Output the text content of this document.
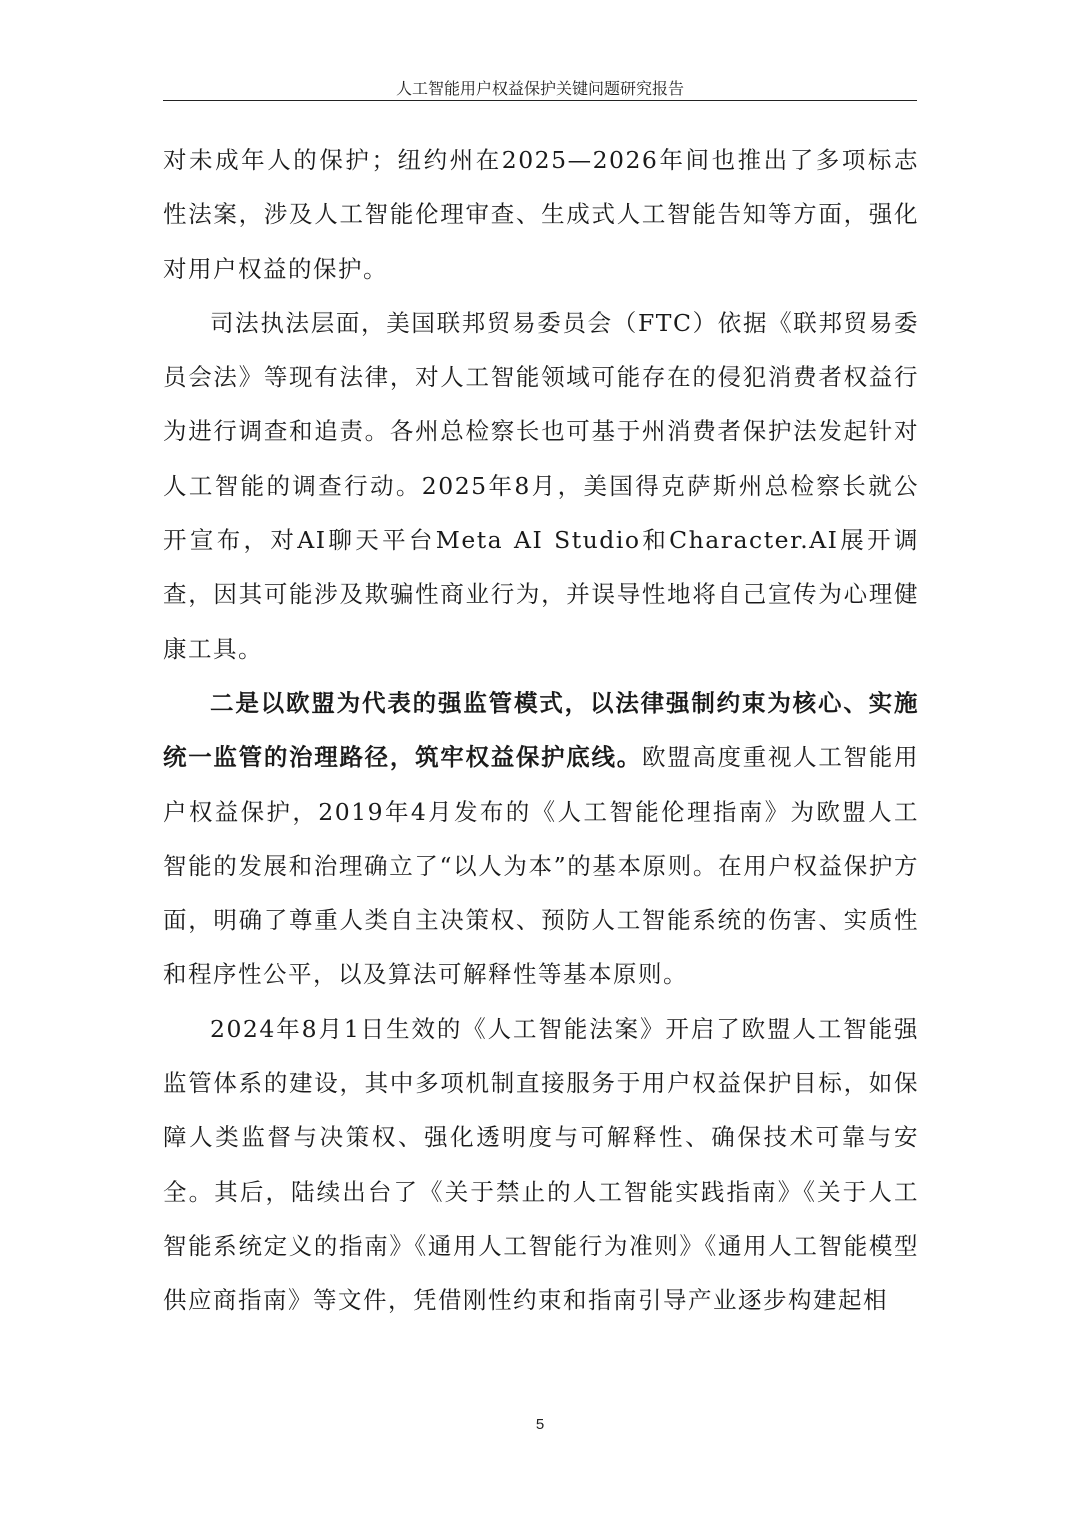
人工智能用户权益保护关键问题研究报告

对未成年人的保护；纽约州在2025—2026年间也推出了多项标志性法案，涉及人工智能伦理审查、生成式人工智能告知等方面，强化对用户权益的保护。

司法执法层面，美国联邦贸易委员会（FTC）依据《联邦贸易委员会法》等现有法律，对人工智能领域可能存在的侵犯消费者权益行为进行调查和追责。各州总检察长也可基于州消费者保护法发起针对人工智能的调查行动。2025年8月，美国得克萨斯州总检察长就公开宣布，对AI聊天平台Meta AI Studio和Character.AI展开调查，因其可能涉及欺骗性商业行为，并误导性地将自己宣传为心理健康工具。

二是以欧盟为代表的强监管模式，以法律强制约束为核心、实施统一监管的治理路径，筑牢权益保护底线。欧盟高度重视人工智能用户权益保护，2019年4月发布的《人工智能伦理指南》为欧盟人工智能的发展和治理确立了“以人为本”的基本原则。在用户权益保护方面，明确了尊重人类自主决策权、预防人工智能系统的伤害、实质性和程序性公平，以及算法可解释性等基本原则。

2024年8月1日生效的《人工智能法案》开启了欧盟人工智能强监管体系的建设，其中多项机制直接服务于用户权益保护目标，如保障人类监督与决策权、强化透明度与可解释性、确保技术可靠与安全。其后，陆续出台了《关于禁止的人工智能实践指南》《关于人工智能系统定义的指南》《通用人工智能行为准则》《通用人工智能模型供应商指南》等文件，凭借刚性约束和指南引导产业逐步构建起相

5
